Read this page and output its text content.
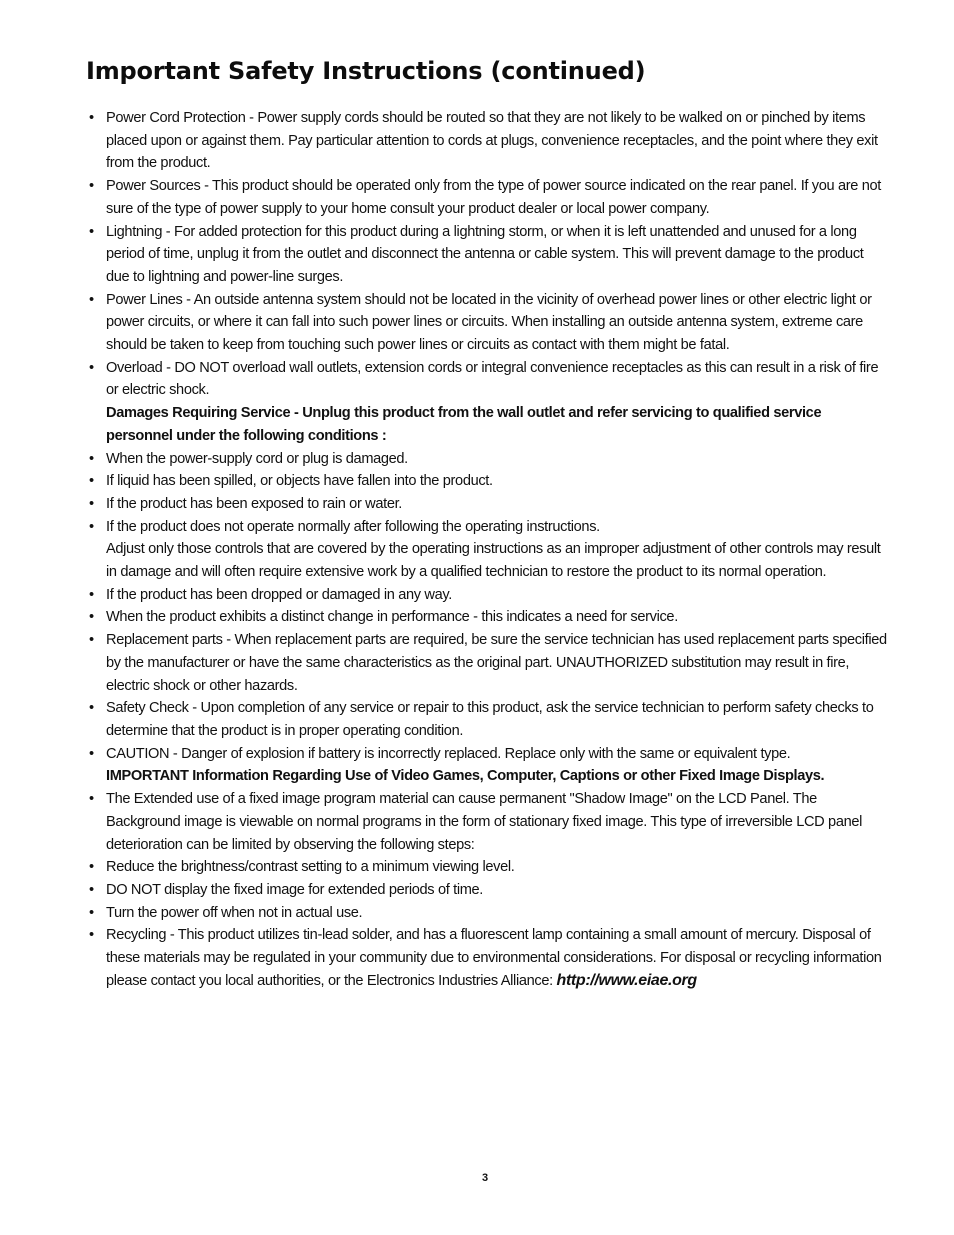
Important Safety Instructions (continued)
• Power Cord Protection - Power supply cords should be routed so that they are not likely to be walked on or pinched by items placed upon or against them. Pay particular attention to cords at plugs, convenience receptacles, and the point where they exit from the product.
• Power Sources - This product should be operated only from the type of power source indicated on the rear panel. If you are not sure of the type of power supply to your home consult your product dealer or local power company.
• Lightning - For added protection for this product during a lightning storm, or when it is left unattended and unused for a long period of time, unplug it from the outlet and disconnect the antenna or cable system. This will prevent damage to the product due to lightning and power-line surges.
• Power Lines - An outside antenna system should not be located in the vicinity of overhead power lines or other electric light or power circuits, or where it can fall into such power lines or circuits. When installing an outside antenna system, extreme care should be taken to keep from touching such power lines or circuits as contact with them might be fatal.
• Overload - DO NOT overload wall outlets, extension cords or integral convenience receptacles as this can result in a risk of fire or electric shock.
Damages Requiring Service - Unplug this product from the wall outlet and refer servicing to qualified service personnel under the following conditions :
• When the power-supply cord or plug is damaged.
• If liquid has been spilled, or objects have fallen into the product.
• If the product has been exposed to rain or water.
• If the product does not operate normally after following the operating instructions.
Adjust only those controls that are covered by the operating instructions as an improper adjustment of other controls may result in damage and will often require extensive work by a qualified technician to restore the product to its normal operation.
• If the product has been dropped or damaged in any way.
• When the product exhibits a distinct change in performance - this indicates a need for service.
• Replacement parts - When replacement parts are required, be sure the service technician has used replacement parts specified by the manufacturer or have the same characteristics as the original part. UNAUTHORIZED substitution may result in fire, electric shock or other hazards.
• Safety Check - Upon completion of any service or repair to this product, ask the service technician to perform safety checks to determine that the product is in proper operating condition.
• CAUTION - Danger of explosion if battery is incorrectly replaced. Replace only with the same or equivalent type.
IMPORTANT Information Regarding Use of Video Games, Computer, Captions or other Fixed Image Displays.
• The Extended use of a fixed image program material can cause permanent "Shadow Image" on the LCD Panel. The Background image is viewable on normal programs in the form of stationary fixed image. This type of irreversible LCD panel deterioration can be limited by observing the following steps:
• Reduce the brightness/contrast setting to a minimum viewing level.
• DO NOT display the fixed image for extended periods of time.
• Turn the power off when not in actual use.
• Recycling - This product utilizes tin-lead solder, and has a fluorescent lamp containing a small amount of mercury. Disposal of these materials may be regulated in your community due to environmental considerations. For disposal or recycling information please contact you local authorities, or the Electronics Industries Alliance: http://www.eiae.org
3
